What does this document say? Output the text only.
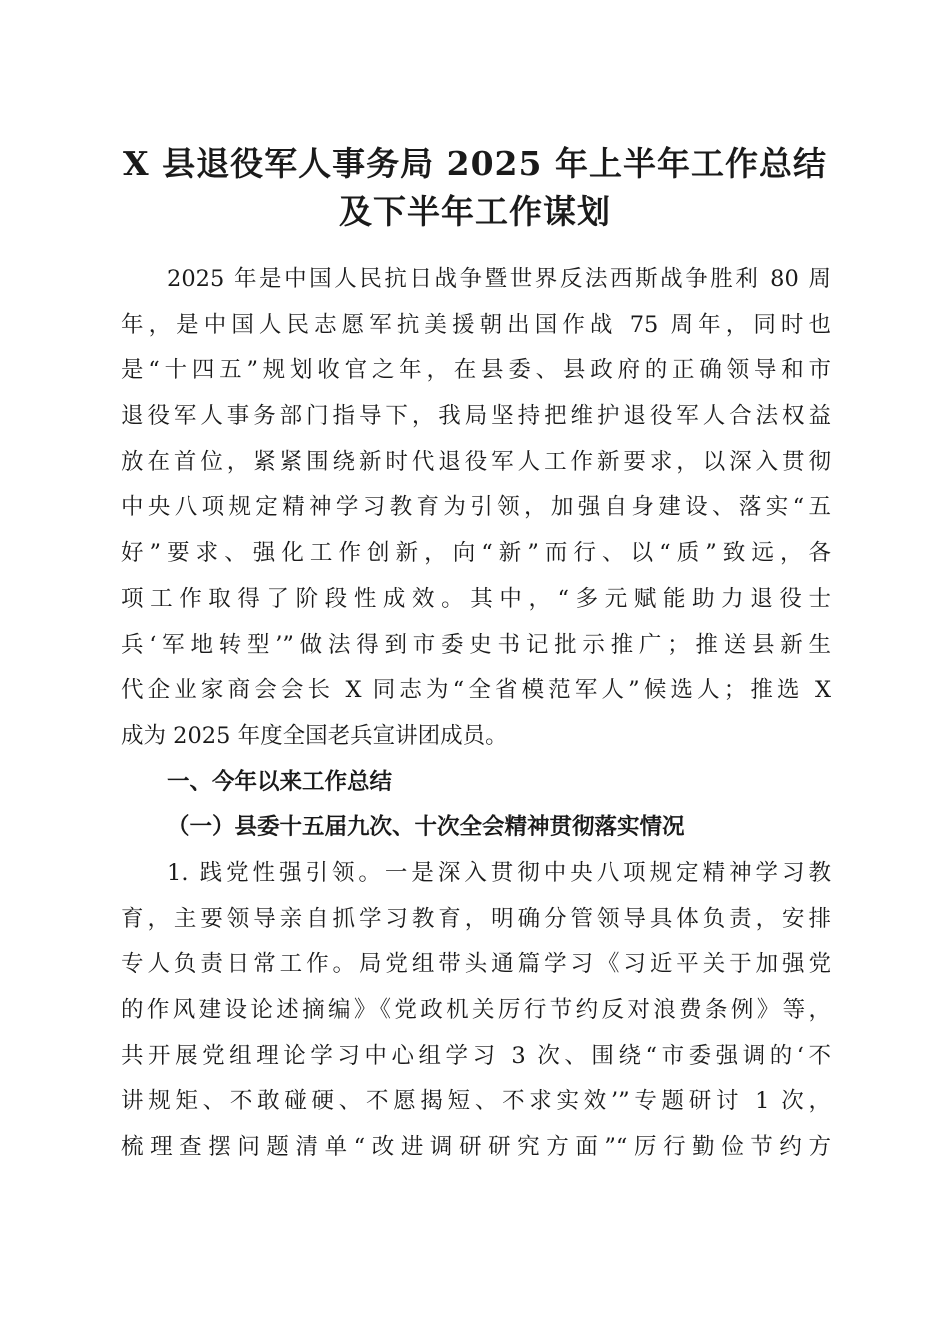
X 县退役军人事务局 2025 年上半年工作总结
及下半年工作谋划
2025 年是中国人民抗日战争暨世界反法西斯战争胜利 80 周
年，是中国人民志愿军抗美援朝出国作战 75 周年，同时也
是“十四五”规划收官之年，在县委、县政府的正确领导和市
退役军人事务部门指导下，我局坚持把维护退役军人合法权益
放在首位，紧紧围绕新时代退役军人工作新要求，以深入贯彻
中央八项规定精神学习教育为引领，加强自身建设、落实“五
好”要求、强化工作创新，向“新”而行、以“质”致远，各
项工作取得了阶段性成效。其中，“多元赋能助力退役士
兵‘军地转型’”做法得到市委史书记批示推广；推送县新生
代企业家商会会长 X 同志为“全省模范军人”候选人；推选 X
成为 2025 年度全国老兵宣讲团成员。
一、今年以来工作总结
（一）县委十五届九次、十次全会精神贯彻落实情况
1. 践党性强引领。一是深入贯彻中央八项规定精神学习教
育，主要领导亲自抓学习教育，明确分管领导具体负责，安排
专人负责日常工作。局党组带头通篇学习《习近平关于加强党
的作风建设论述摘编》《党政机关厉行节约反对浪费条例》等，
共开展党组理论学习中心组学习 3 次、围绕“市委强调的‘不
讲规矩、不敢碰硬、不愿揭短、不求实效’”专题研讨 1 次，
梳理查摆问题清单“改进调研研究方面”“厉行勤俭节约方
